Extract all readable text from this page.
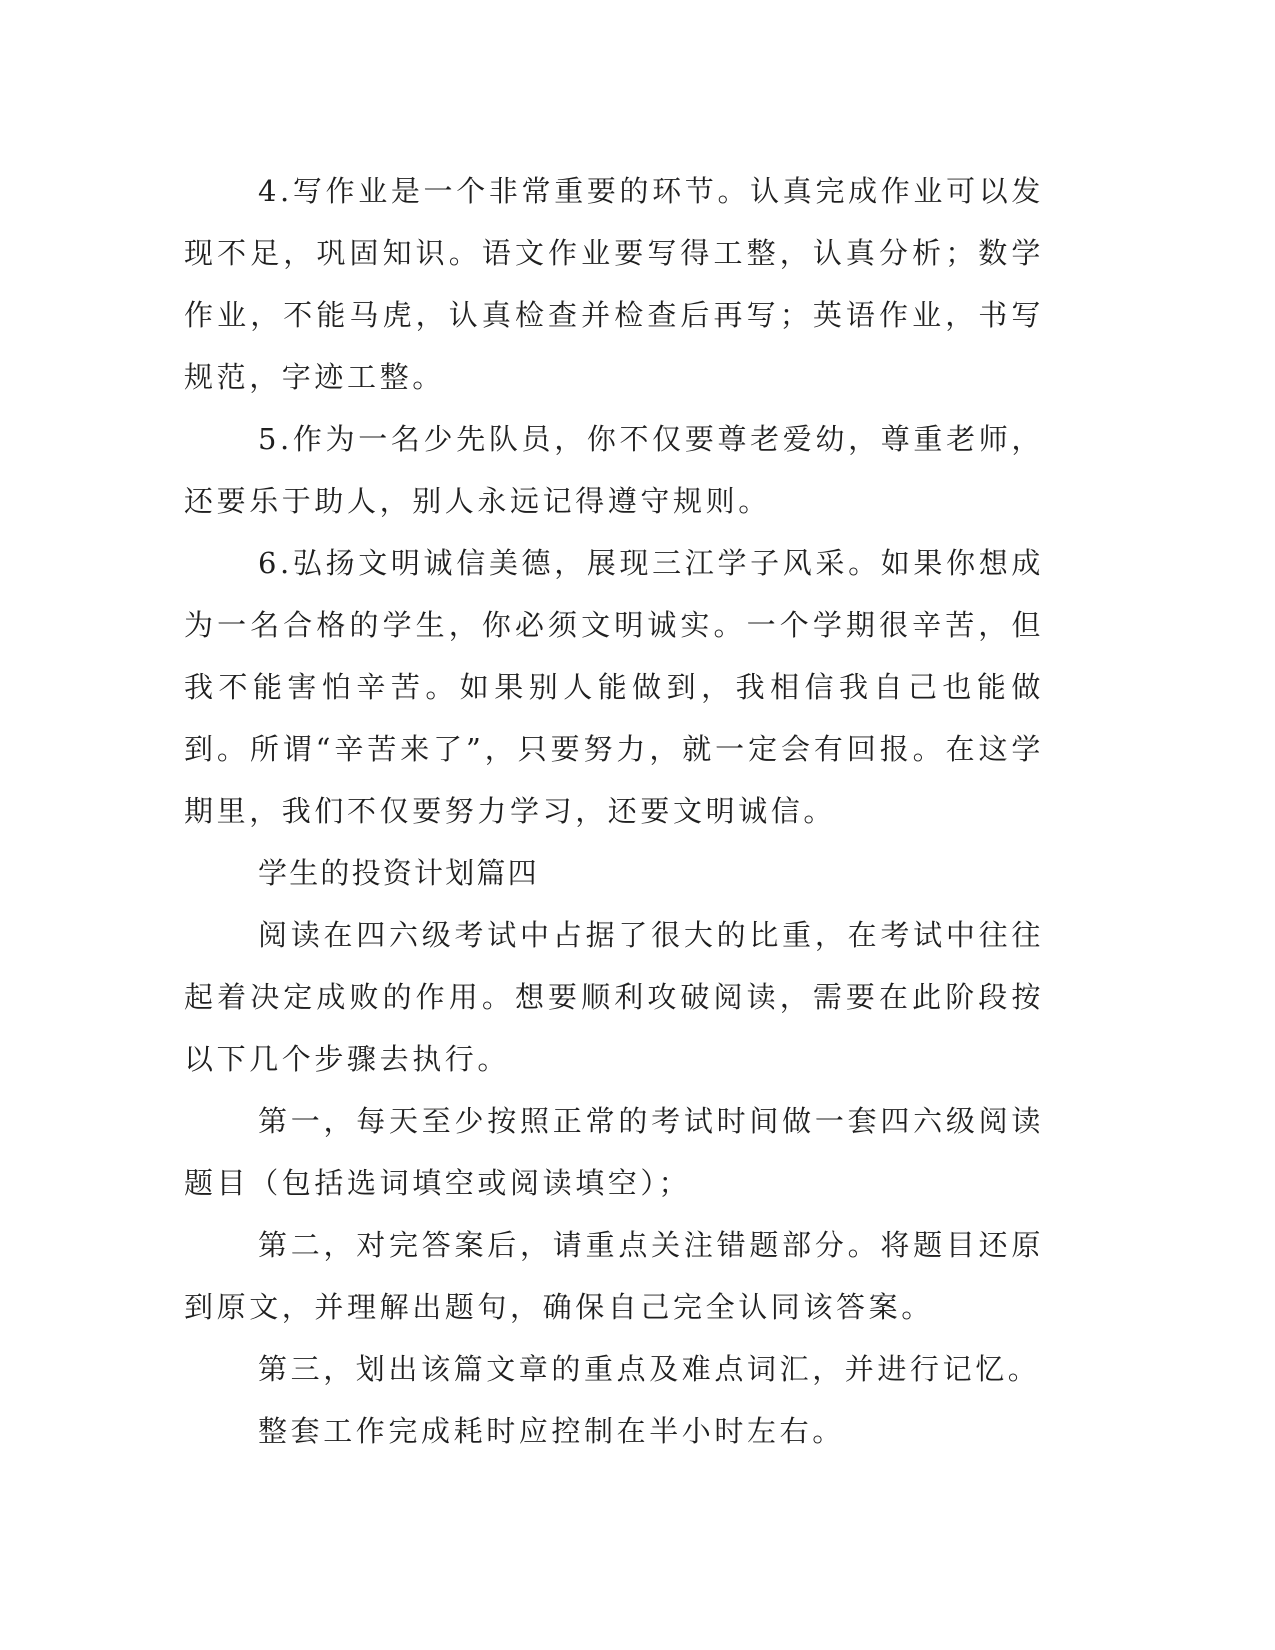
4.写作业是一个非常重要的环节。认真完成作业可以发现不足，巩固知识。语文作业要写得工整，认真分析；数学作业，不能马虎，认真检查并检查后再写；英语作业，书写规范，字迹工整。

5.作为一名少先队员，你不仅要尊老爱幼，尊重老师，还要乐于助人，别人永远记得遵守规则。

6.弘扬文明诚信美德，展现三江学子风采。如果你想成为一名合格的学生，你必须文明诚实。一个学期很辛苦，但我不能害怕辛苦。如果别人能做到，我相信我自己也能做到。所谓“辛苦来了”，只要努力，就一定会有回报。在这学期里，我们不仅要努力学习，还要文明诚信。

学生的投资计划篇四

阅读在四六级考试中占据了很大的比重，在考试中往往起着决定成败的作用。想要顺利攻破阅读，需要在此阶段按以下几个步骤去执行。

第一，每天至少按照正常的考试时间做一套四六级阅读题目（包括选词填空或阅读填空）；

第二，对完答案后，请重点关注错题部分。将题目还原到原文，并理解出题句，确保自己完全认同该答案。

第三，划出该篇文章的重点及难点词汇，并进行记忆。

整套工作完成耗时应控制在半小时左右。
